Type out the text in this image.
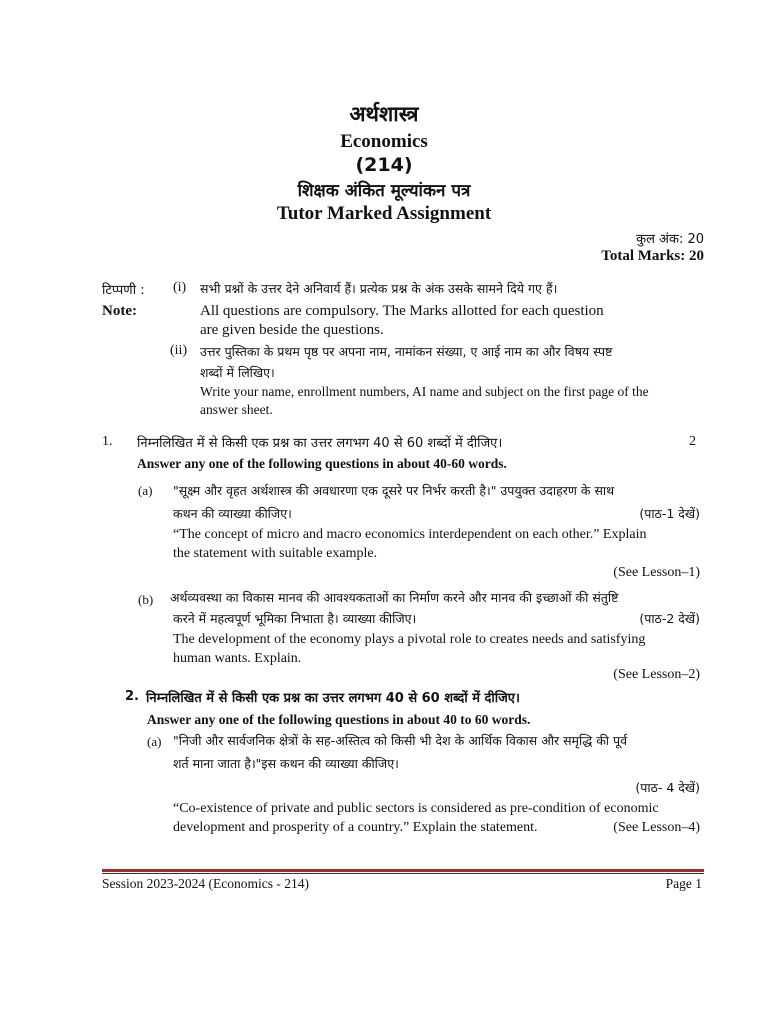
अर्थशास्त्र
Economics
(214)
शिक्षक अंकित मूल्यांकन पत्र
Tutor Marked Assignment
कुल अंक: 20
Total Marks: 20
टिप्पणी : (i) सभी प्रश्नों के उत्तर देने अनिवार्य हैं। प्रत्येक प्रश्न के अंक उसके सामने दिये गए हैं।
Note:	All questions are compulsory. The Marks allotted for each question
are given beside the questions.
(ii) उत्तर पुस्तिका के प्रथम पृष्ठ पर अपना नाम, नामांकन संख्या, ए आई नाम का और विषय स्पष्ट
शब्दों में लिखिए।
Write your name, enrollment numbers, AI name and subject on the first page of the
answer sheet.
1. निम्नलिखित में से किसी एक प्रश्न का उत्तर लगभग 40 से 60 शब्दों में दीजिए।	2
Answer any one of the following questions in about 40-60 words.
(a) "सूक्ष्म और वृहत अर्थशास्त्र की अवधारणा एक दूसरे पर निर्भर करती है।" उपयुक्त उदाहरण के साथ
कथन की व्याख्या कीजिए।	(पाठ-1 देखें)
“The concept of micro and macro economics interdependent on each other.” Explain
the statement with suitable example.
(See Lesson–1)
(b) अर्थव्यवस्था का विकास मानव की आवश्यकताओं का निर्माण करने और मानव की इच्छाओं की संतुष्टि
करने में महत्वपूर्ण भूमिका निभाता है। व्याख्या कीजिए।	(पाठ-2 देखें)
The development of the economy plays a pivotal role to creates needs and satisfying
human wants. Explain.
(See Lesson–2)
2. निम्नलिखित में से किसी एक प्रश्न का उत्तर लगभग 40 से 60 शब्दों में दीजिए।
Answer any one of the following questions in about 40 to 60 words.
(a) "निजी और सार्वजनिक क्षेत्रों के सह-अस्तित्व को किसी भी देश के आर्थिक विकास और समृद्धि की पूर्व
शर्त माना जाता है।"इस कथन की व्याख्या कीजिए।
(पाठ- 4 देखें)
“Co-existence of private and public sectors is considered as pre-condition of economic
development and prosperity of a country.” Explain the statement.	(See Lesson–4)
Session 2023-2024 (Economics - 214)	Page 1
